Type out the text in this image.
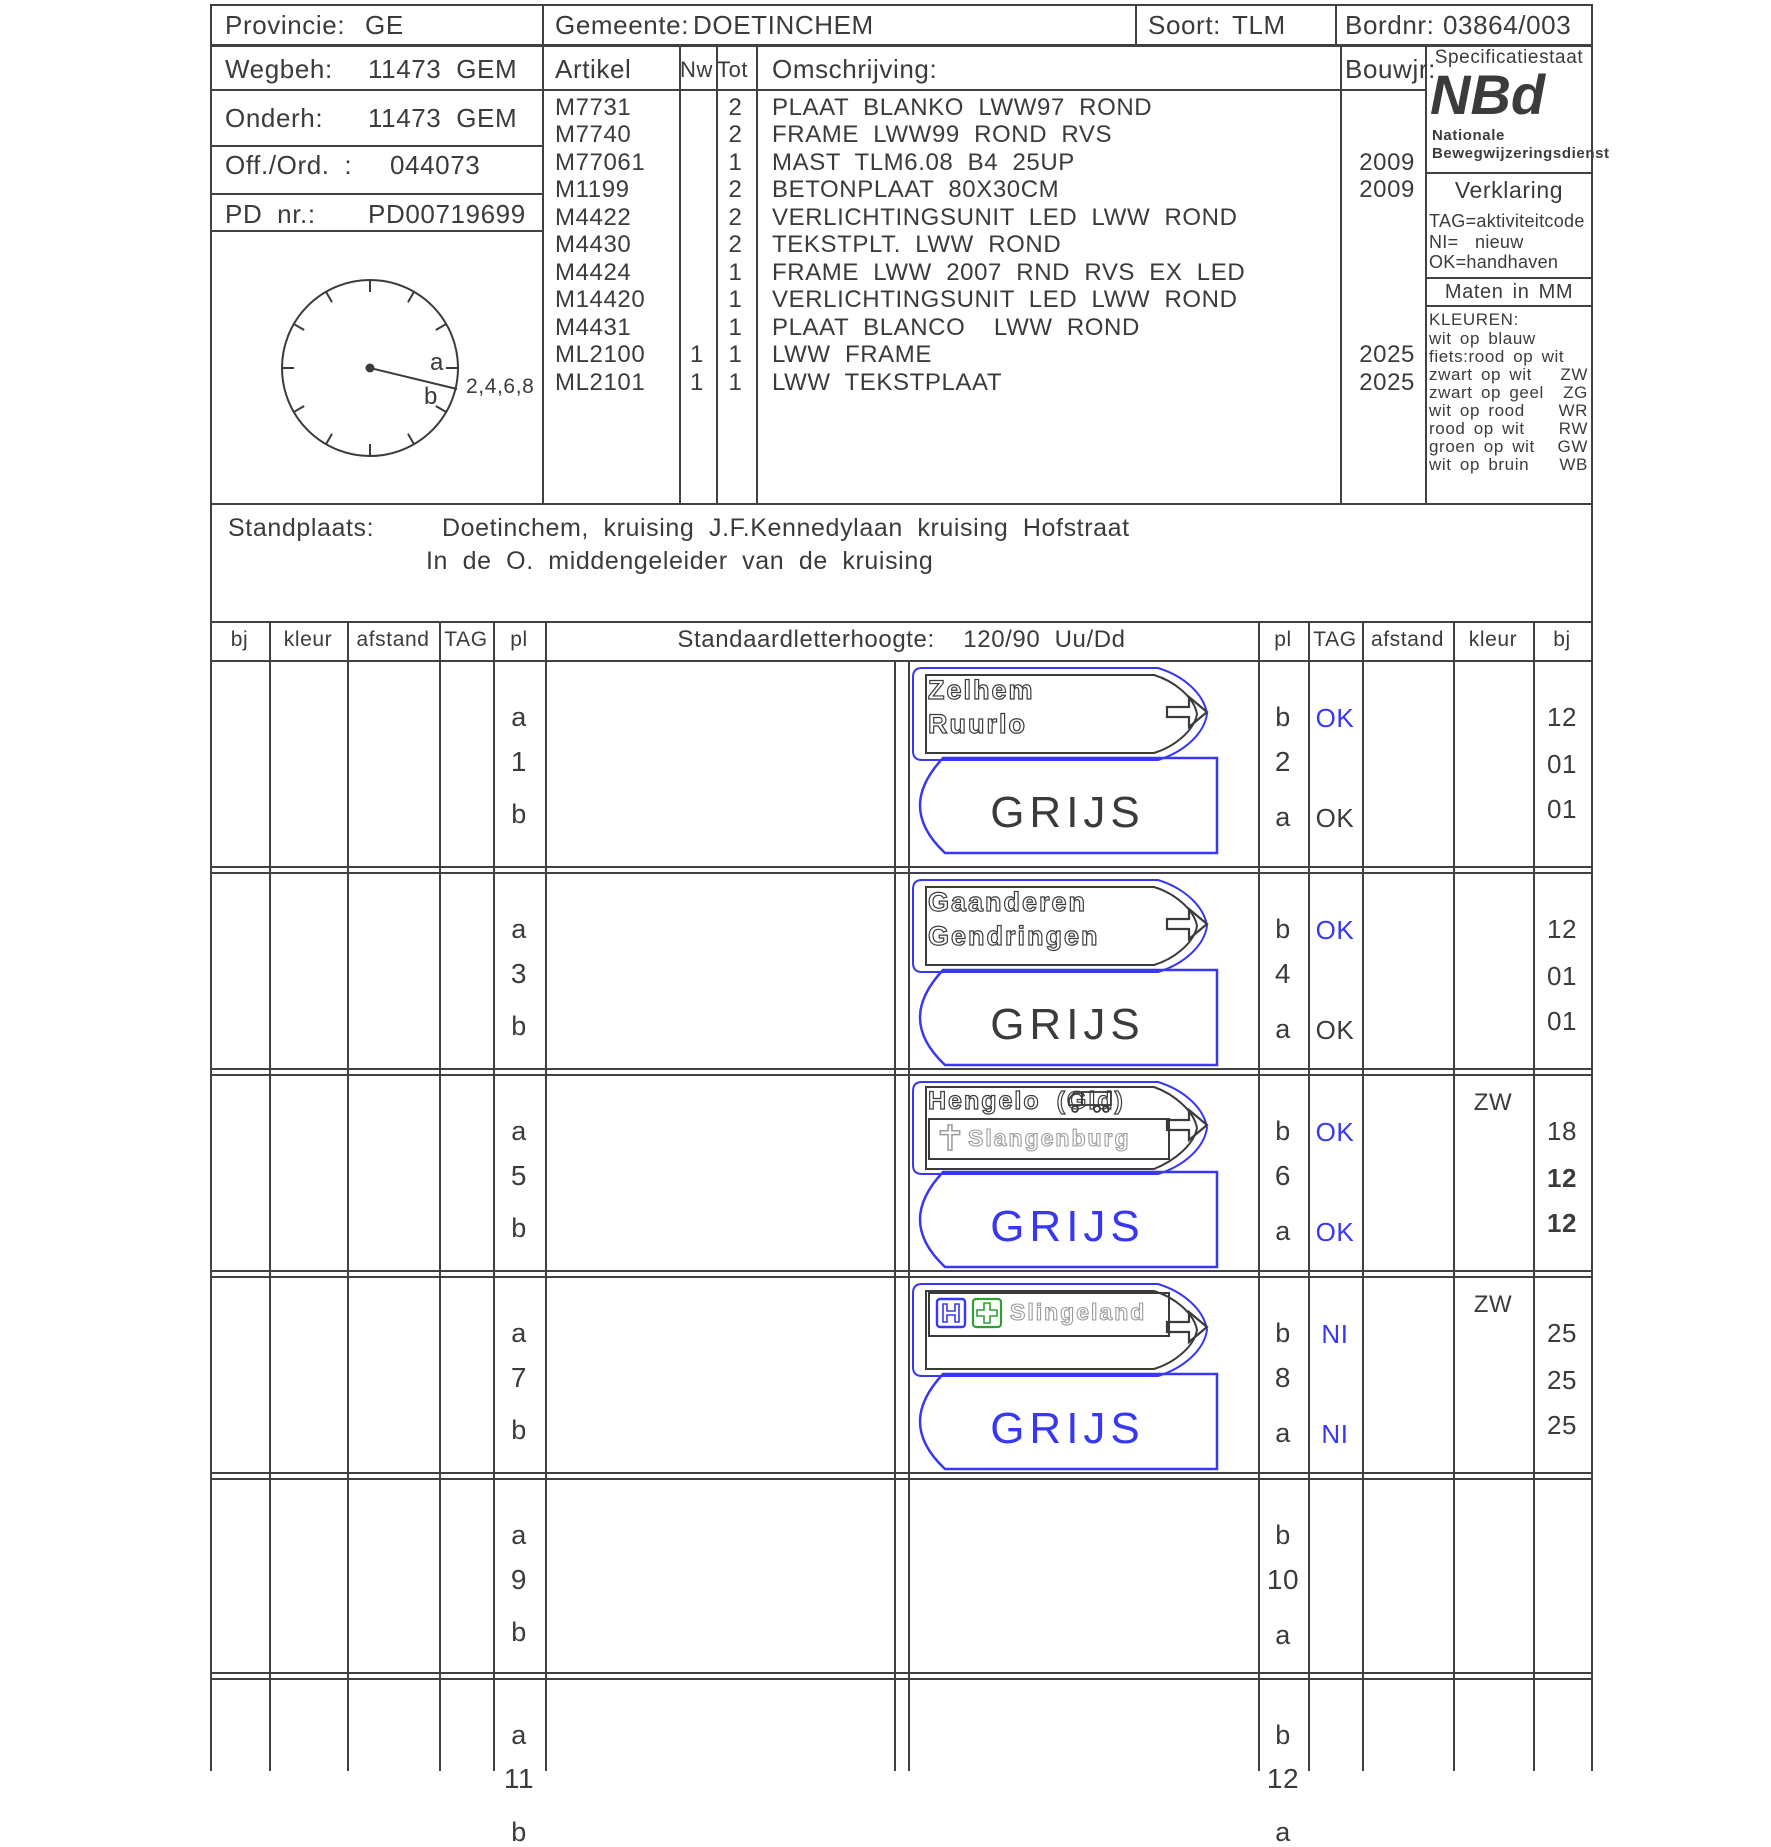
Provincie: GE	Gemeente: DOETINCHEM	Soort: TLM Bordnr: 03864/003
Wegbeh: 11473 GEM Artikel Nw Tot Omschrijving:	Bouwjr:
Onderh: 11473 GEM
Off./Ord. : 044073
PD nr.: PD00719699
M7731	2	PLAAT BLANKO LWW97 ROND
M7740	2	FRAME LWW99 ROND RVS
M77061	1	MAST TLM6.08 B4 25UP	2009
M1199	2	BETONPLAAT 80X30CM	2009
M4422	2	VERLICHTINGSUNIT LED LWW ROND
M4430	2	TEKSTPLT. LWW ROND
M4424	1	FRAME LWW 2007 RND RVS EX LED
M14420	1	VERLICHTINGSUNIT LED LWW ROND
M4431	1	PLAAT BLANCO  LWW ROND
ML2100	1	1	LWW FRAME	2025
ML2101	1	1	LWW TEKSTPLAAT	2025
a
b 2,4,6,8
Specificatiestaat
NBd
Nationale
Bewegwijzeringsdienst
Verklaring
TAG=aktiviteitcode
NI=  nieuw
OK=handhaven
Maten in MM
KLEUREN:
wit op blauw
fiets:rood op wit
zwart op wit	ZW
zwart op geel	ZG
wit op rood	WR
rood op wit	RW
groen op wit	GW
wit op bruin	WB
Standplaats:	Doetinchem, kruising J.F.Kennedylaan kruising Hofstraat
In de O. middengeleider van de kruising
bj	kleur	afstand TAG	pl	Standaardletterhoogte:  120/90 Uu/Dd	pl	TAG afstand	kleur	bj
a
1
b
Zelhem
Ruurlo
GRIJS
b
2
a
OK
OK
12
01
01
a
3
b
Gaanderen
Gendringen
GRIJS
b
4
a
OK
OK
12
01
01
a
5
b
Hengelo (Gld)
Slangenburg
GRIJS
b
6
a
OK
OK
ZW
18
12
12
a
7
b
Slingeland
GRIJS
b
8
a
NI
NI
ZW
25
25
25
a
9
b
b
10
a
a
11
b
b
12
a
